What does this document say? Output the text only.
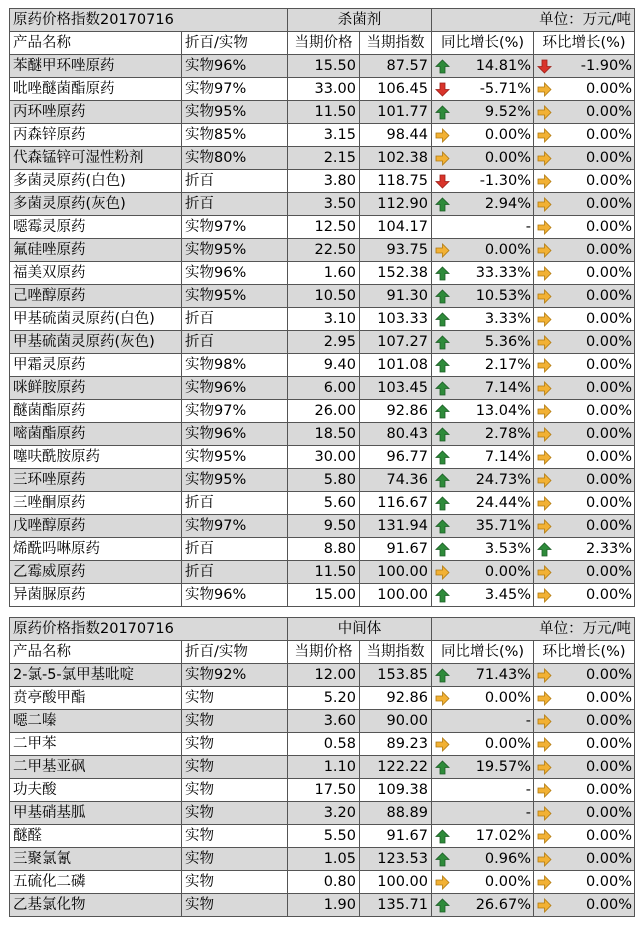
原药价格指数20170716		杀菌剂		单位：万元/吨	
产品名称	折百/实物	当期价格	当期指数	同比增长(%)	环比增长(%)
苯醚甲环唑原药	实物96%	15.50	87.57	14.81%	-1.90%

吡唑醚菌酯原药	实物97%	33.00	106.45	-5.71%	0.00%

丙环唑原药	实物95%	11.50	101.77	9.52%	0.00%

丙森锌原药	实物85%	3.15	98.44	0.00%	0.00%

代森锰锌可湿性粉剂	实物80%	2.15	102.38	0.00%	0.00%

多菌灵原药(白色)	折百	3.80	118.75	-1.30%	0.00%

多菌灵原药(灰色)	折百	3.50	112.90	2.94%	0.00%

噁霉灵原药	实物97%	12.50	104.17	-	0.00%

氟硅唑原药	实物95%	22.50	93.75	0.00%	0.00%

福美双原药	实物96%	1.60	152.38	33.33%	0.00%

己唑醇原药	实物95%	10.50	91.30	10.53%	0.00%

甲基硫菌灵原药(白色)	折百	3.10	103.33	3.33%	0.00%

甲基硫菌灵原药(灰色)	折百	2.95	107.27	5.36%	0.00%

甲霜灵原药	实物98%	9.40	101.08	2.17%	0.00%

咪鲜胺原药	实物96%	6.00	103.45	7.14%	0.00%

醚菌酯原药	实物97%	26.00	92.86	13.04%	0.00%

嘧菌酯原药	实物96%	18.50	80.43	2.78%	0.00%

噻呋酰胺原药	实物95%	30.00	96.77	7.14%	0.00%

三环唑原药	实物95%	5.80	74.36	24.73%	0.00%

三唑酮原药	折百	5.60	116.67	24.44%	0.00%

戊唑醇原药	实物97%	9.50	131.94	35.71%	0.00%

烯酰吗啉原药	折百	8.80	91.67	3.53%	2.33%

乙霉威原药	折百	11.50	100.00	0.00%	0.00%

异菌脲原药	实物96%	15.00	100.00	3.45%	0.00%
原药价格指数20170716		中间体		单位：万元/吨	
产品名称	折百/实物	当期价格	当期指数	同比增长(%)	环比增长(%)
2-氯-5-氯甲基吡啶	实物92%	12.00	153.85	71.43%	0.00%

贲亭酸甲酯	实物	5.20	92.86	0.00%	0.00%

噁二嗪	实物	3.60	90.00	-	0.00%

二甲苯	实物	0.58	89.23	0.00%	0.00%

二甲基亚砜	实物	1.10	122.22	19.57%	0.00%

功夫酸	实物	17.50	109.38	-	0.00%

甲基硝基胍	实物	3.20	88.89	-	0.00%

醚醛	实物	5.50	91.67	17.02%	0.00%

三聚氯氰	实物	1.05	123.53	0.96%	0.00%

五硫化二磷	实物	0.80	100.00	0.00%	0.00%

乙基氯化物	实物	1.90	135.71	26.67%	0.00%
